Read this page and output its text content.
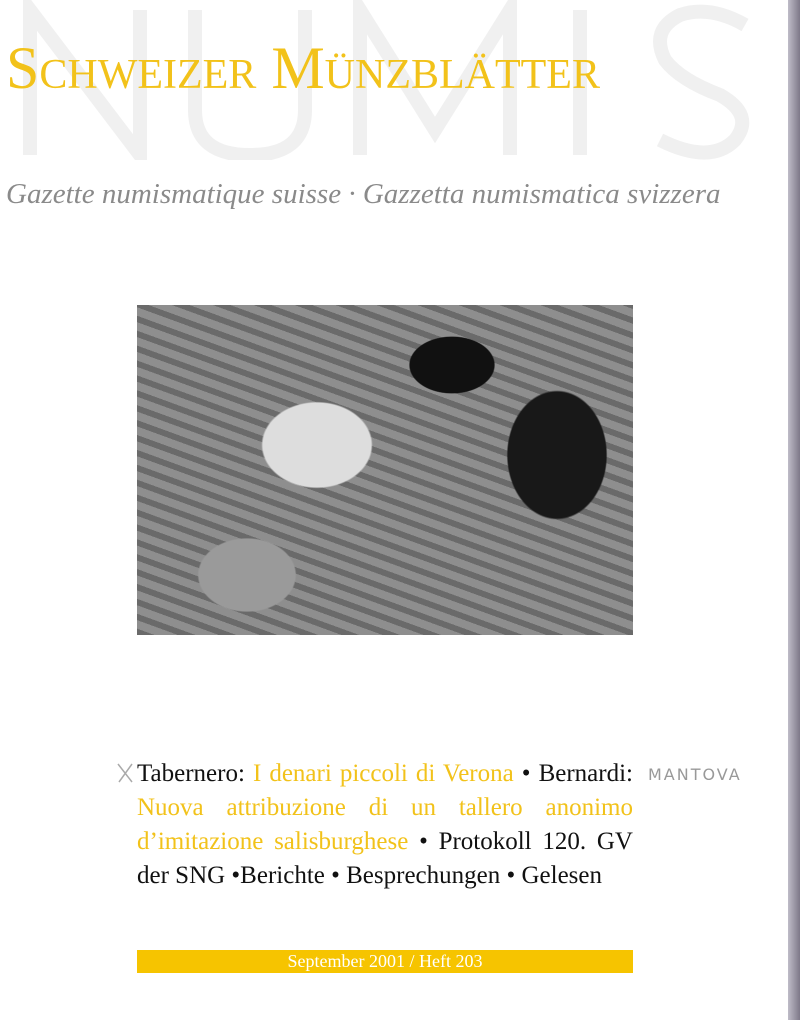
Schweizer Münzblätter
Gazette numismatique suisse · Gazzetta numismatica svizzera
Tabernero: I denari piccoli di Verona • Bernardi: Nuova attribuzione di un tallero anonimo d’imitazione salisburghese • Protokoll 120. GV der SNG •Berichte • Besprechungen • Gelesen
MANTOVA
September 2001 / Heft 203
